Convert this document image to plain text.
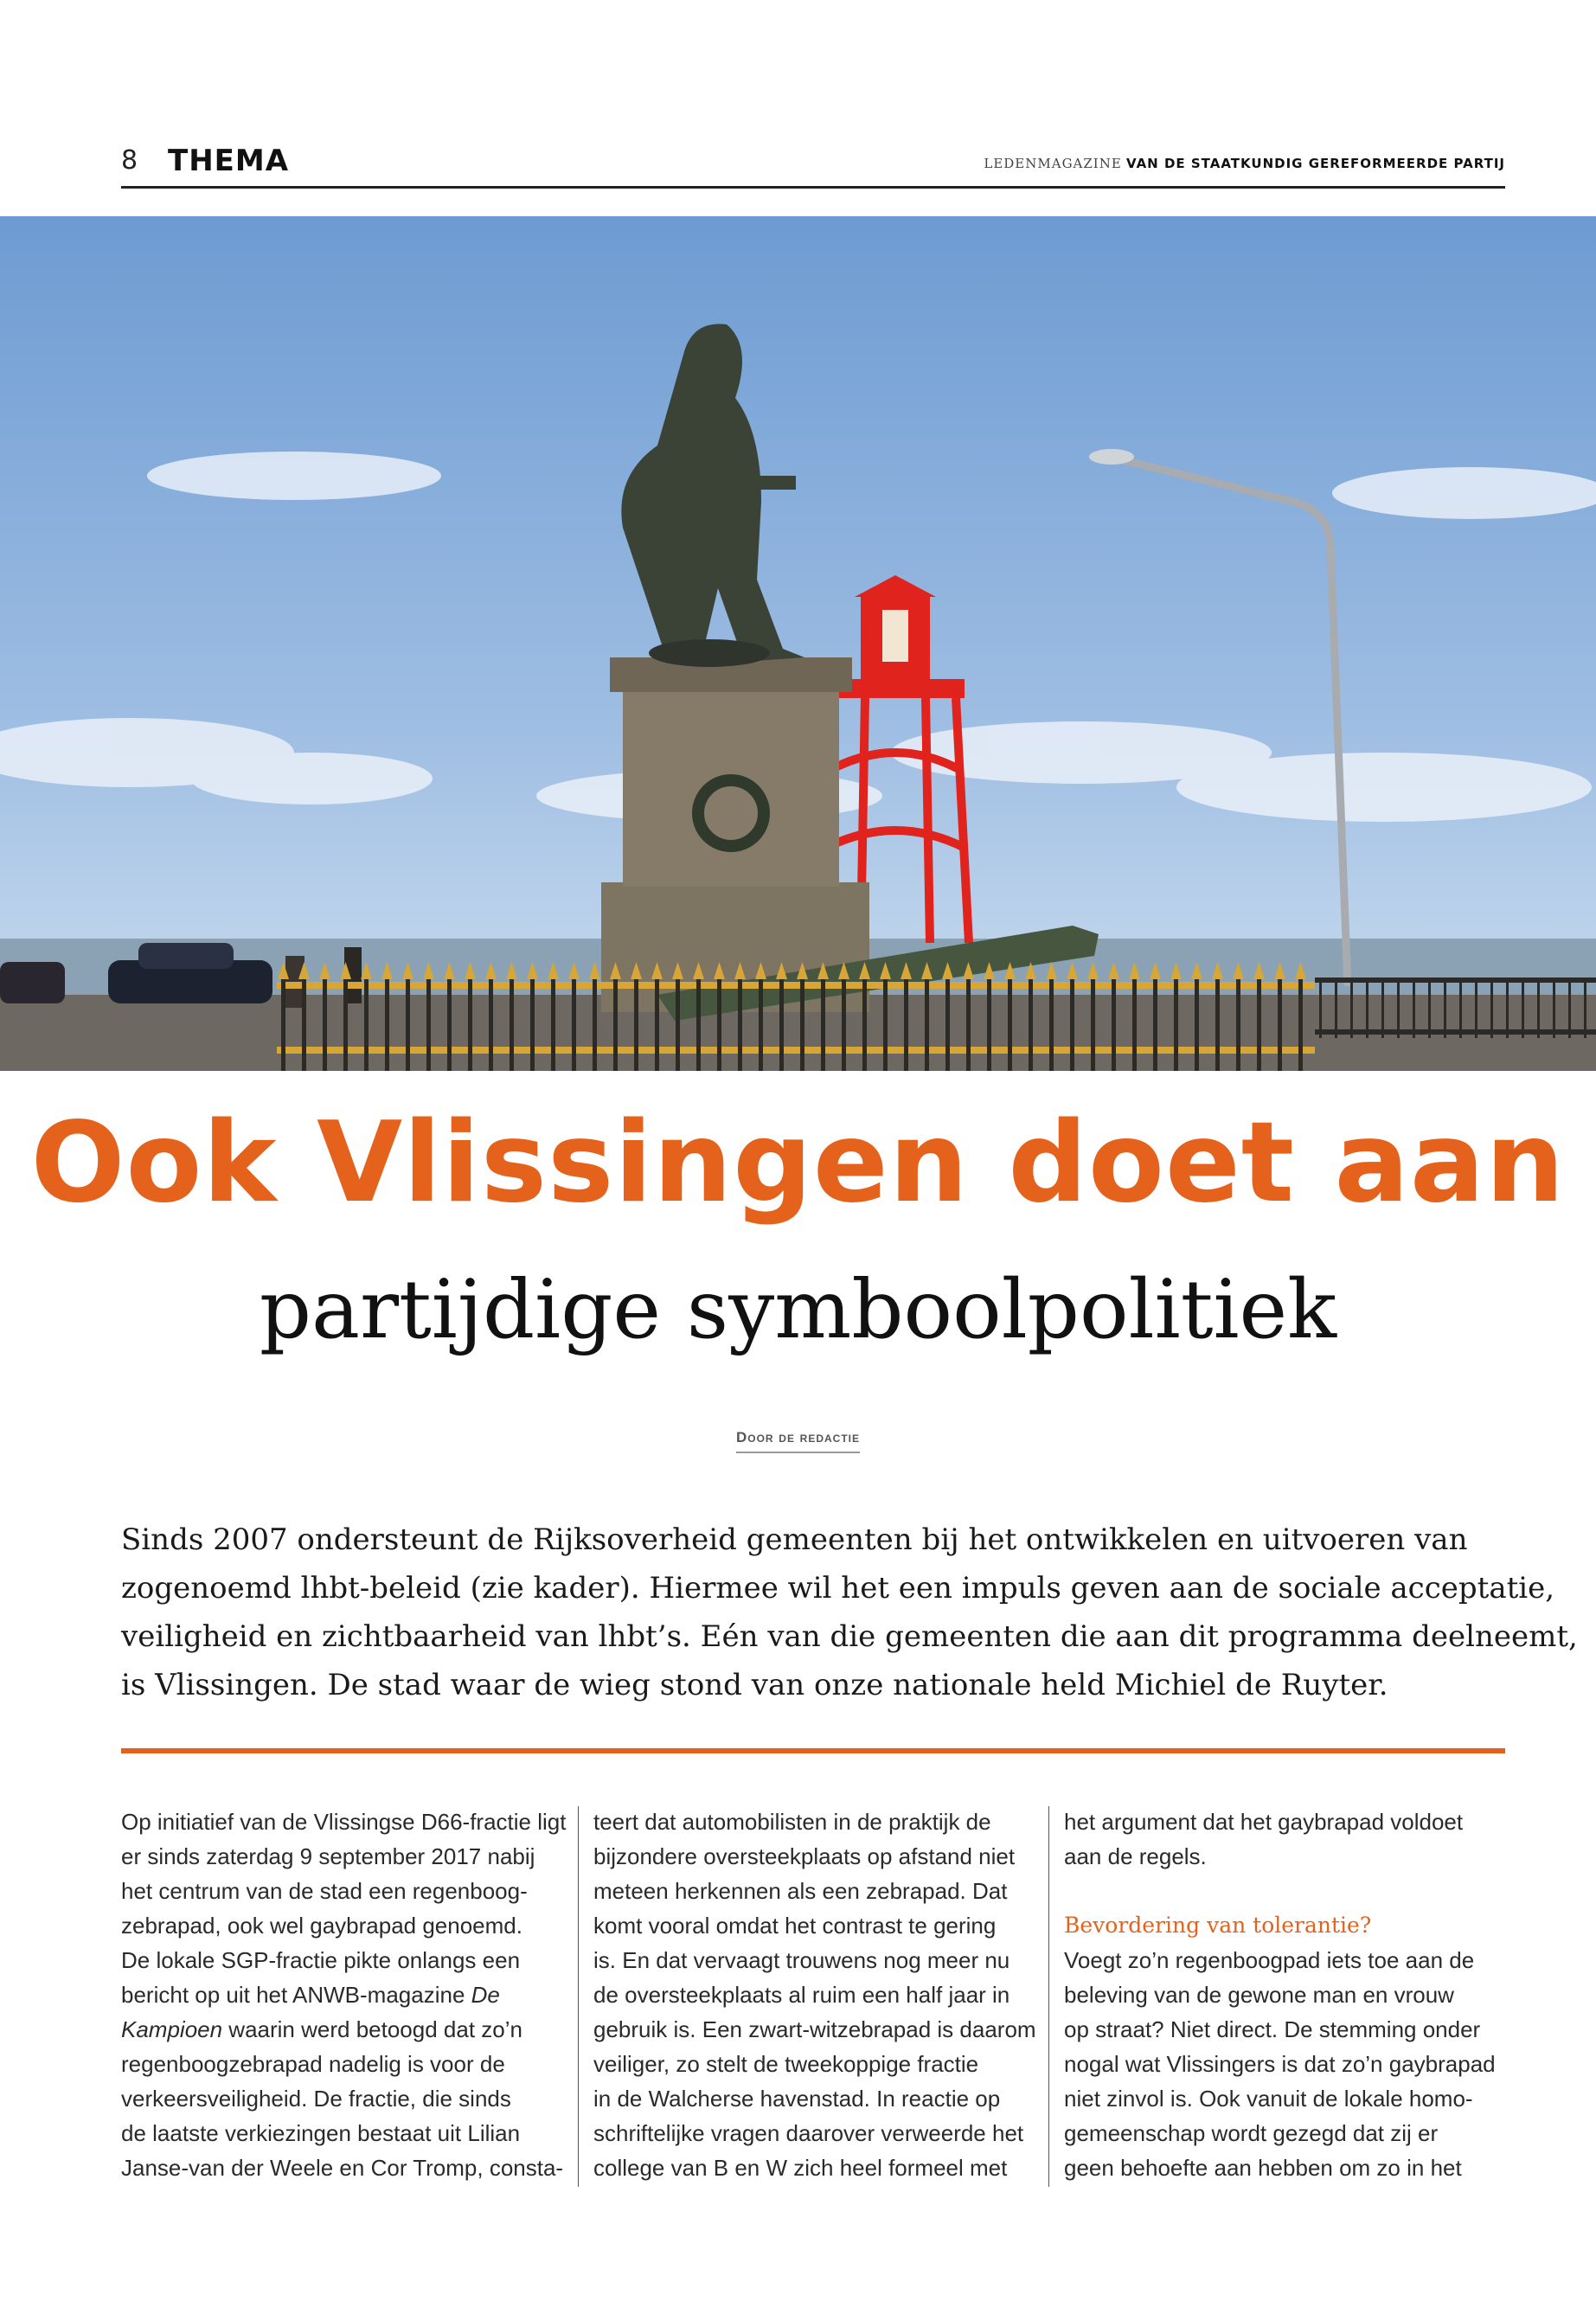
8 THEMA	LEDENMAGAZINE VAN DE STAATKUNDIG GEREFORMEERDE PARTIJ
Ook Vlissingen doet aan
partijdige symboolpolitiek
Door de redactie
Sinds 2007 ondersteunt de Rijksoverheid gemeenten bij het ontwikkelen en uitvoeren van
zogenoemd lhbt-beleid (zie kader). Hiermee wil het een impuls geven aan de sociale acceptatie,
veiligheid en zichtbaarheid van lhbt’s. Eén van die gemeenten die aan dit programma deelneemt,
is Vlissingen. De stad waar de wieg stond van onze nationale held Michiel de Ruyter.
Op initiatief van de Vlissingse D66-fractie ligt
er sinds zaterdag 9 september 2017 nabij
het centrum van de stad een regenboog-
zebrapad, ook wel gaybrapad genoemd.
De lokale SGP-fractie pikte onlangs een
bericht op uit het ANWB-magazine De
Kampioen waarin werd betoogd dat zo’n
regenboogzebrapad nadelig is voor de
verkeersveiligheid. De fractie, die sinds
de laatste verkiezingen bestaat uit Lilian
Janse-van der Weele en Cor Tromp, consta-
teert dat automobilisten in de praktijk de
bijzondere oversteekplaats op afstand niet
meteen herkennen als een zebrapad. Dat
komt vooral omdat het contrast te gering
is. En dat vervaagt trouwens nog meer nu
de oversteekplaats al ruim een half jaar in
gebruik is. Een zwart-witzebrapad is daarom
veiliger, zo stelt de tweekoppige fractie
in de Walcherse havenstad. In reactie op
schriftelijke vragen daarover verweerde het
college van B en W zich heel formeel met
het argument dat het gaybrapad voldoet
aan de regels.
Bevordering van tolerantie?
Voegt zo’n regenboogpad iets toe aan de
beleving van de gewone man en vrouw
op straat? Niet direct. De stemming onder
nogal wat Vlissingers is dat zo’n gaybrapad
niet zinvol is. Ook vanuit de lokale homo-
gemeenschap wordt gezegd dat zij er
geen behoefte aan hebben om zo in het
